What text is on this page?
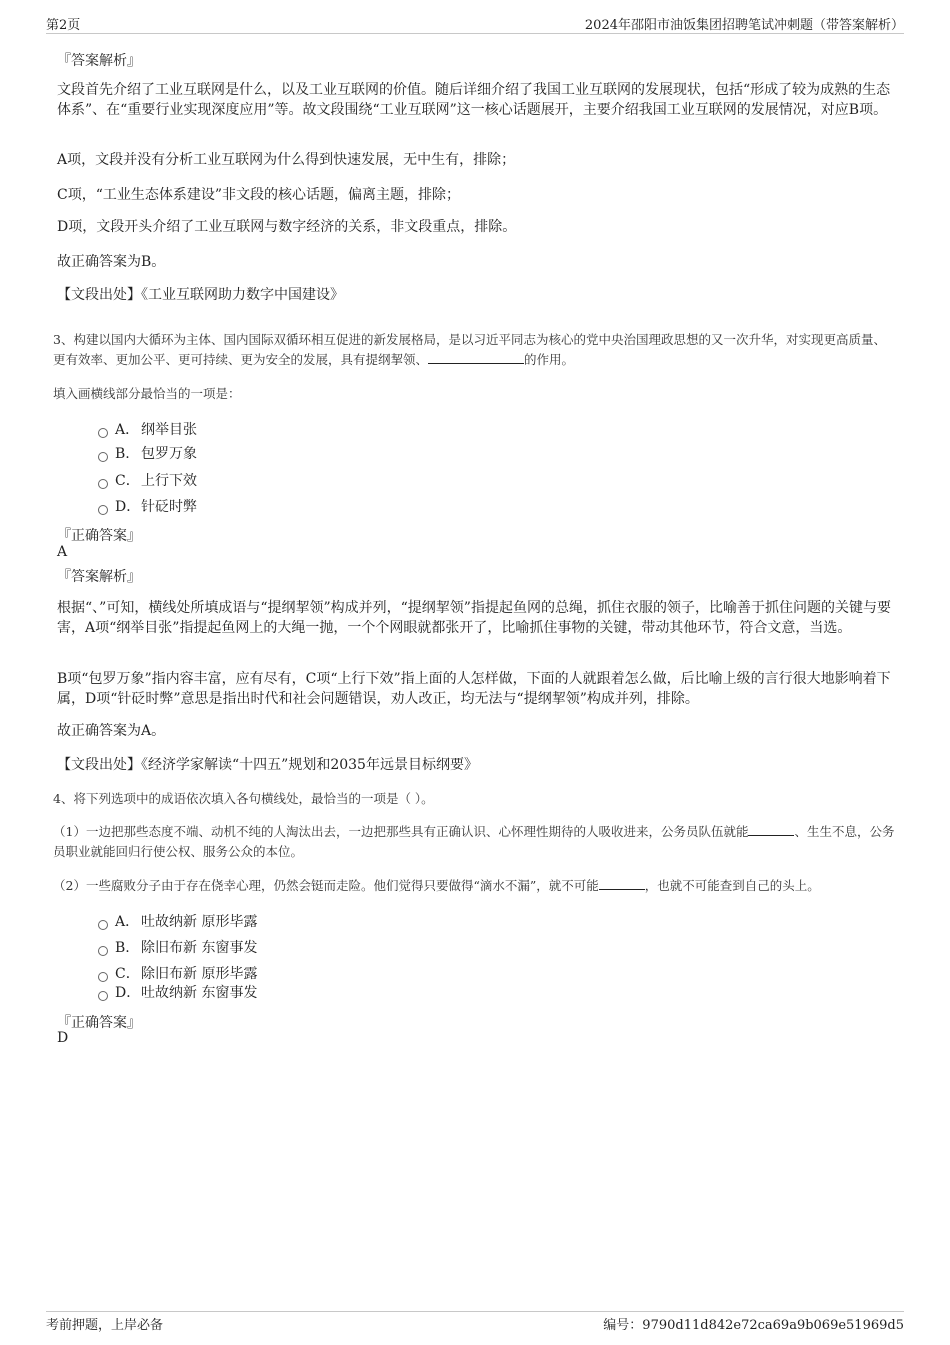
第2页	2024年邵阳市油饭集团招聘笔试冲刺题（带答案解析）
『答案解析』
文段首先介绍了工业互联网是什么，以及工业互联网的价值。随后详细介绍了我国工业互联网的发展现状，包括“形成了较为成熟的生态体系”、在“重要行业实现深度应用”等。故文段围绕“工业互联网”这一核心话题展开，主要介绍我国工业互联网的发展情况，对应B项。
A项，文段并没有分析工业互联网为什么得到快速发展，无中生有，排除；
C项，“工业生态体系建设”非文段的核心话题，偏离主题，排除；
D项，文段开头介绍了工业互联网与数字经济的关系，非文段重点，排除。
故正确答案为B。
【文段出处】《工业互联网助力数字中国建设》
3、构建以国内大循环为主体、国内国际双循环相互促进的新发展格局，是以习近平同志为核心的党中央治国理政思想的又一次升华，对实现更高质量、更有效率、更加公平、更可持续、更为安全的发展，具有提纲挈领、	的作用。
填入画横线部分最恰当的一项是：
A． 纲举目张
B. 包罗万象
C．上行下效
D．针砭时弊
『正确答案』
A
『答案解析』
根据“、”可知，横线处所填成语与“提纲挈领”构成并列，“提纲挈领”指提起鱼网的总绳，抓住衣服的领子，比喻善于抓住问题的关键与要害，A项“纲举目张”指提起鱼网上的大绳一抛，一个个网眼就都张开了，比喻抓住事物的关键，带动其他环节，符合文意，当选。
B项“包罗万象”指内容丰富，应有尽有，C项“上行下效”指上面的人怎样做，下面的人就跟着怎么做，后比喻上级的言行很大地影响着下属，D项“针砭时弊”意思是指出时代和社会问题错误，劝人改正，均无法与“提纲挈领”构成并列，排除。
故正确答案为A。
【文段出处】《经济学家解读“十四五”规划和2035年远景目标纲要》
4、将下列选项中的成语依次填入各句横线处，最恰当的一项是（ ）。
（1）一边把那些态度不端、动机不纯的人淘汰出去，一边把那些具有正确认识、心怀理性期待的人吸收进来，公务员队伍就能	、生生不息，公务员职业就能回归行使公权、服务公众的本位。
（2）一些腐败分子由于存在侥幸心理，仍然会铤而走险。他们觉得只要做得“滴水不漏”，就不可能	，也就不可能查到自己的头上。
A． 吐故纳新 原形毕露
B. 除旧布新 东窗事发
C．除旧布新 原形毕露
D．吐故纳新 东窗事发
『正确答案』
D
考前押题，上岸必备	编号：9790d11d842e72ca69a9b069e51969d5
